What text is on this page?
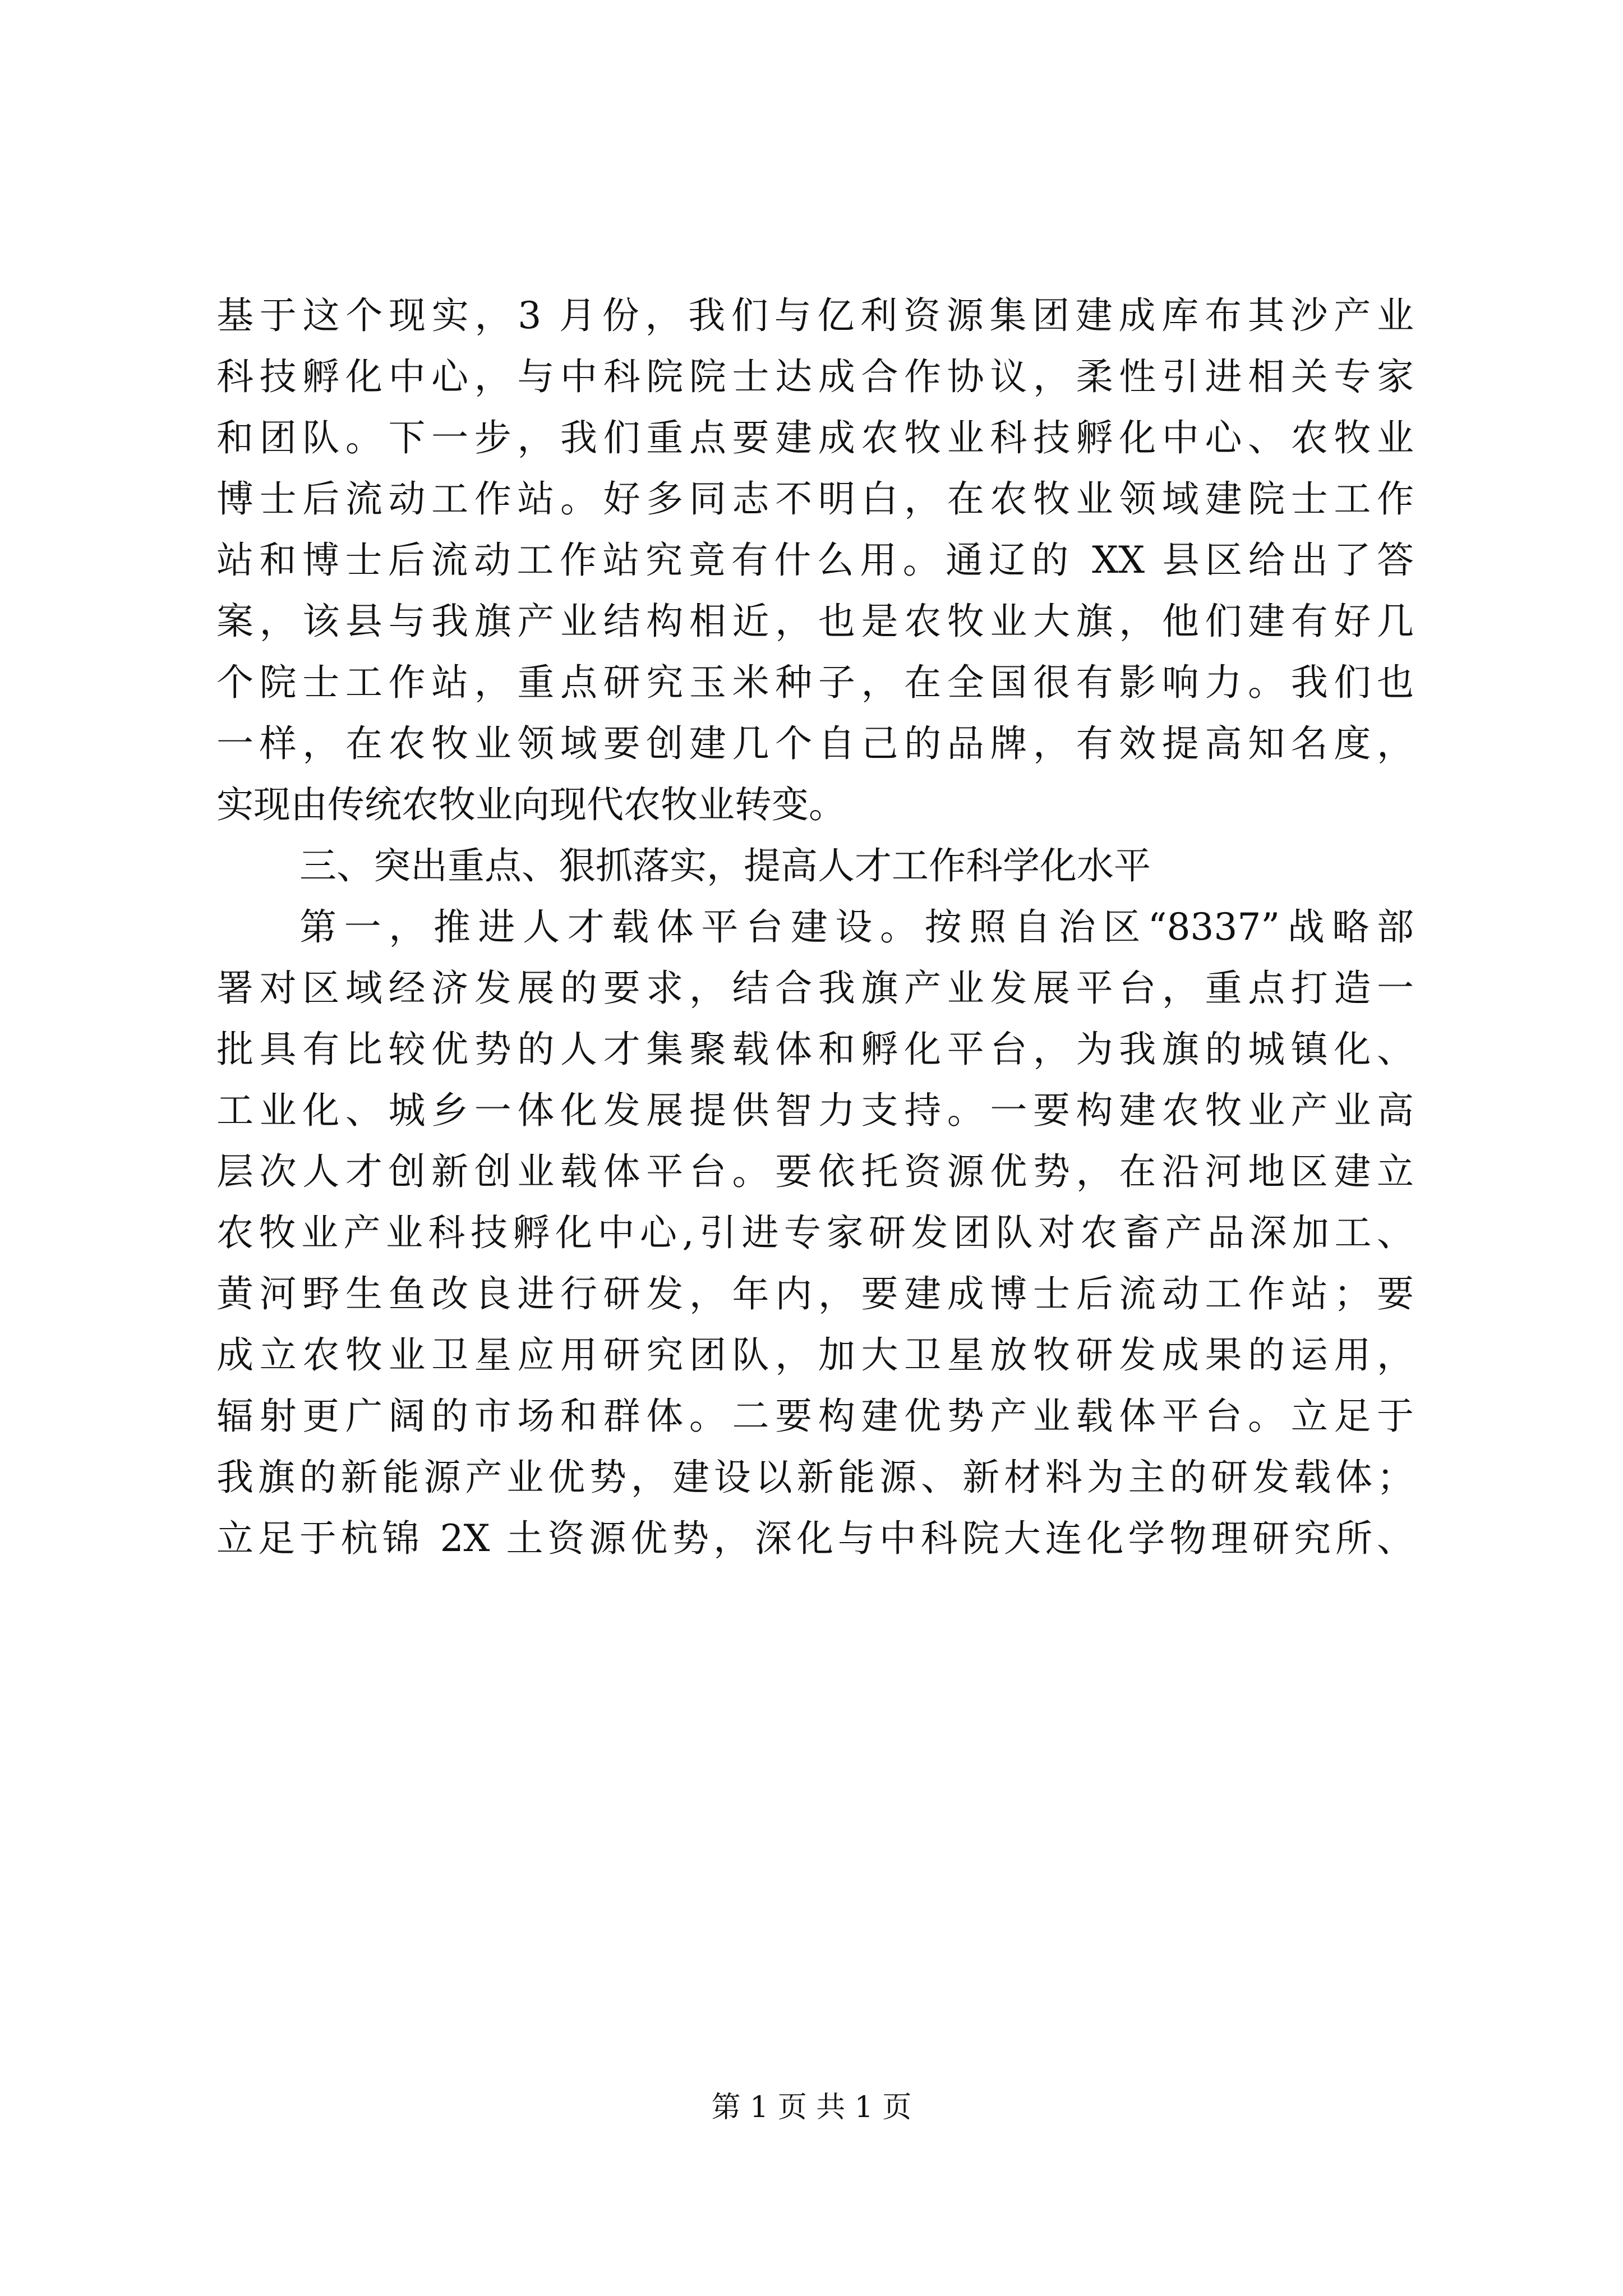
基于这个现实，3 月份，我们与亿利资源集团建成库布其沙产业
科技孵化中心，与中科院院士达成合作协议，柔性引进相关专家
和团队。下一步，我们重点要建成农牧业科技孵化中心、农牧业
博士后流动工作站。好多同志不明白，在农牧业领域建院士工作
站和博士后流动工作站究竟有什么用。通辽的 XX 县区给出了答
案，该县与我旗产业结构相近，也是农牧业大旗，他们建有好几
个院士工作站，重点研究玉米种子，在全国很有影响力。我们也
一样，在农牧业领域要创建几个自己的品牌，有效提高知名度，
实现由传统农牧业向现代农牧业转变。
三、突出重点、狠抓落实，提高人才工作科学化水平
第一，推进人才载体平台建设。按照自治区“8337”战略部
署对区域经济发展的要求，结合我旗产业发展平台，重点打造一
批具有比较优势的人才集聚载体和孵化平台，为我旗的城镇化、
工业化、城乡一体化发展提供智力支持。一要构建农牧业产业高
层次人才创新创业载体平台。要依托资源优势，在沿河地区建立
农牧业产业科技孵化中心,引进专家研发团队对农畜产品深加工、
黄河野生鱼改良进行研发，年内，要建成博士后流动工作站；要
成立农牧业卫星应用研究团队，加大卫星放牧研发成果的运用，
辐射更广阔的市场和群体。二要构建优势产业载体平台。立足于
我旗的新能源产业优势，建设以新能源、新材料为主的研发载体；
立足于杭锦 2X 土资源优势，深化与中科院大连化学物理研究所、
第 1 页 共 1 页
